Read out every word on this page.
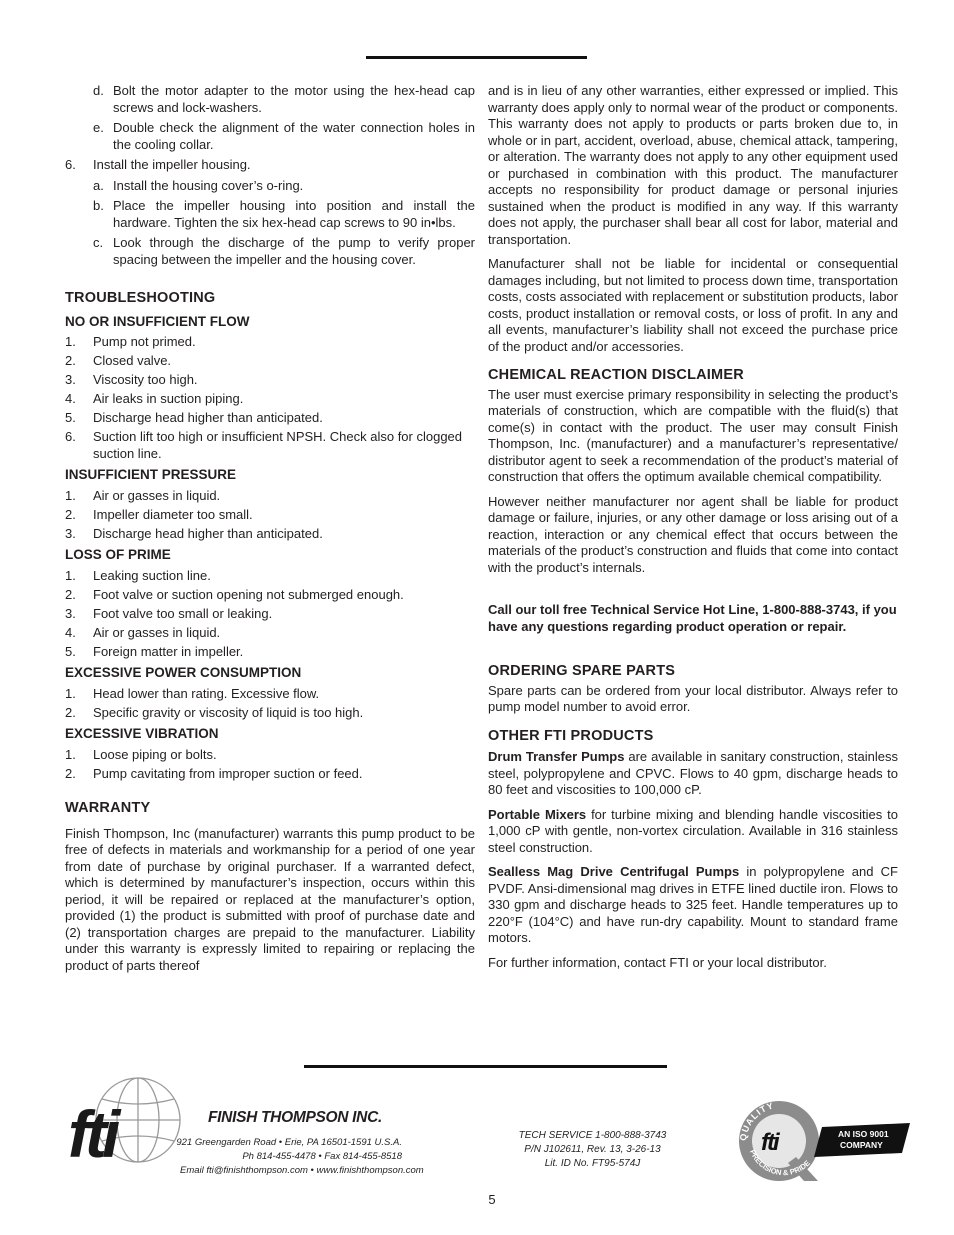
d. Bolt the motor adapter to the motor using the hex-head cap screws and lock-washers.
e. Double check the alignment of the water connection holes in the cooling collar.
6.	Install the impeller housing.
a. Install the housing cover’s o-ring.
b. Place the impeller housing into position and install the hardware. Tighten the six hex-head cap screws to 90 in•lbs.
c. Look through the discharge of the pump to verify proper spacing between the impeller and the housing cover.
TROUBLESHOOTING
NO OR INSUFFICIENT FLOW
1.	Pump not primed.
2.	Closed valve.
3.	Viscosity too high.
4.	Air leaks in suction piping.
5.	Discharge head higher than anticipated.
6.	Suction lift too high or insufficient NPSH. Check also for clogged suction line.
INSUFFICIENT PRESSURE
1.	Air or gasses in liquid.
2.	Impeller diameter too small.
3.	Discharge head higher than anticipated.
LOSS OF PRIME
1.	Leaking suction line.
2.	Foot valve or suction opening not submerged enough.
3.	Foot valve too small or leaking.
4.	Air or gasses in liquid.
5.	Foreign matter in impeller.
EXCESSIVE POWER CONSUMPTION
1.	Head lower than rating. Excessive flow.
2.	Specific gravity or viscosity of liquid is too high.
EXCESSIVE VIBRATION
1.	Loose piping or bolts.
2.	Pump cavitating from improper suction or feed.
WARRANTY

Finish Thompson, Inc (manufacturer) warrants this pump product to be free of defects in materials and workmanship for a period of one year from date of purchase by original purchaser. If a warranted defect, which is determined by manufacturer’s inspection, occurs within this period, it will be repaired or replaced at the manufacturer’s option, provided (1) the product is submitted with proof of purchase date and (2) transportation charges are prepaid to the manufacturer. Liability under this warranty is expressly limited to repairing or replacing the product of parts thereof

and is in lieu of any other warranties, either expressed or implied. This warranty does apply only to normal wear of the product or components. This warranty does not apply to products or parts broken due to, in whole or in part, accident, overload, abuse, chemical attack, tampering, or alteration. The warranty does not apply to any other equipment used or purchased in combination with this product. The manufacturer accepts no responsibility for product damage or personal injuries sustained when the product is modified in any way. If this warranty does not apply, the purchaser shall bear all cost for labor, material and transportation.

Manufacturer shall not be liable for incidental or consequential damages including, but not limited to process down time, transportation costs, costs associated with replacement or substitution products, labor costs, product installation or removal costs, or loss of profit. In any and all events, manufacturer’s liability shall not exceed the purchase price of the product and/or accessories.

CHEMICAL REACTION DISCLAIMER

The user must exercise primary responsibility in selecting the product’s materials of construction, which are compatible with the fluid(s) that come(s) in contact with the product. The user may consult Finish Thompson, Inc. (manufacturer) and a manufacturer’s representative/ distributor agent to seek a recommendation of the product’s material of construction that offers the optimum available chemical compatibility.

However neither manufacturer nor agent shall be liable for product damage or failure, injuries, or any other damage or loss arising out of a reaction, interaction or any chemical effect that occurs between the materials of the product’s construction and fluids that come into contact with the product’s internals.

Call our toll free Technical Service Hot Line, 1-800-888-3743, if you have any questions regarding product operation or repair.

ORDERING SPARE PARTS

Spare parts can be ordered from your local distributor. Always refer to pump model number to avoid error.

OTHER FTI PRODUCTS

Drum Transfer Pumps are available in sanitary construction, stainless steel, polypropylene and CPVC. Flows to 40 gpm, discharge heads to 80 feet and viscosities to 100,000 cP.

Portable Mixers for turbine mixing and blending handle viscosities to 1,000 cP with gentle, non-vortex circulation. Available in 316 stainless steel construction.

Sealless Mag Drive Centrifugal Pumps in polypropylene and CF PVDF. Ansi-dimensional mag drives in ETFE lined ductile iron. Flows to 330 gpm and discharge heads to 325 feet. Handle temperatures up to 220°F (104°C) and have run-dry capability. Mount to standard frame motors.

For further information, contact FTI or your local distributor.

fti	FINISH THOMPSON INC.
921 Greengarden Road • Erie, PA 16501-1591 U.S.A.
Ph 814-455-4478 • Fax 814-455-8518
Email fti@finishthompson.com • www.finishthompson.com
TECH SERVICE 1-800-888-3743
P/N J102611, Rev. 13, 3-26-13
Lit. ID No. FT95-574J
QUALITY
PRECISION & PRIDE
fti	AN ISO 9001
COMPANY
5
